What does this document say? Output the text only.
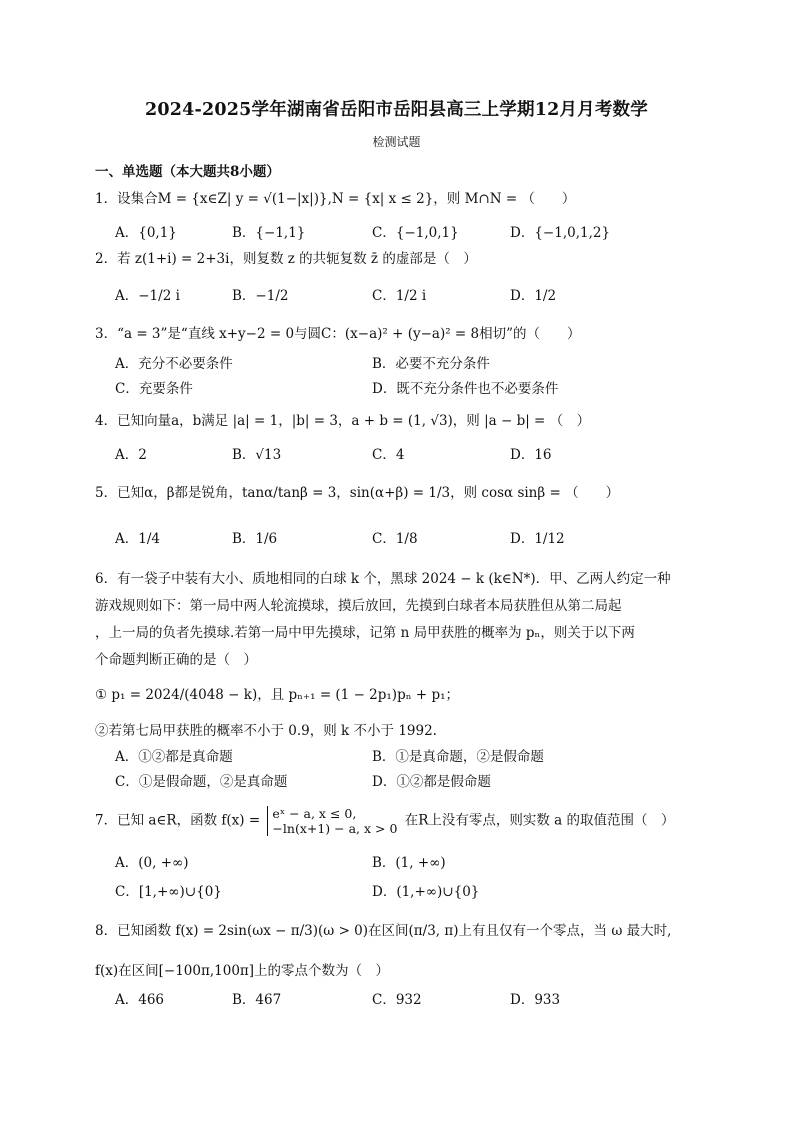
2024-2025学年湖南省岳阳市岳阳县高三上学期12月月考数学
检测试题
一、单选题（本大题共8小题）
1．设集合M = {x∈Z| y = √(1−|x|)},N = {x| x ≤ 2}，则 M∩N = （　　）
A．{0,1}	B．{−1,1}	C．{−1,0,1}	D．{−1,0,1,2}
2．若 z(1+i) = 2+3i，则复数 z 的共轭复数 z̄ 的虚部是（　）
A．−1/2 i	B．−1/2	C．1/2 i	D．1/2
3．“a = 3”是“直线 x+y−2 = 0与圆C：(x−a)² + (y−a)² = 8相切”的（　　）
A．充分不必要条件	B．必要不充分条件
C．充要条件	D．既不充分条件也不必要条件
4．已知向量a，b满足 |a| = 1，|b| = 3，a + b = (1, √3)，则 |a − b| = （　）
A．2	B．√13	C．4	D．16
5．已知α，β都是锐角，tanα/tanβ = 3，sin(α+β) = 1/3，则 cosα sinβ = （　　）
A．1/4	B．1/6	C．1/8	D．1/12
6．有一袋子中装有大小、质地相同的白球 k 个，黑球 2024 − k (k∈N*)．甲、乙两人约定一种
游戏规则如下：第一局中两人轮流摸球，摸后放回，先摸到白球者本局获胜但从第二局起
，上一局的负者先摸球.若第一局中甲先摸球，记第 n 局甲获胜的概率为 pₙ，则关于以下两
个命题判断正确的是（　）
① p₁ = 2024/(4048 − k)，且 pₙ₊₁ = (1 − 2p₁)pₙ + p₁；
②若第七局甲获胜的概率不小于 0.9，则 k 不小于 1992.
A．①②都是真命题	B．①是真命题，②是假命题
C．①是假命题，②是真命题	D．①②都是假命题
7．已知 a∈R，函数 f(x) = eˣ − a, x ≤ 0,
−ln(x+1) − a, x > 0 在R上没有零点，则实数 a 的取值范围（　）
A．(0, +∞)	B．(1, +∞)
C．[1,+∞)∪{0}	D．(1,+∞)∪{0}
8．已知函数 f(x) = 2sin(ωx − π/3)(ω > 0)在区间(π/3, π)上有且仅有一个零点，当 ω 最大时,
f(x)在区间[−100π,100π]上的零点个数为（　）
A．466	B．467	C．932	D．933
